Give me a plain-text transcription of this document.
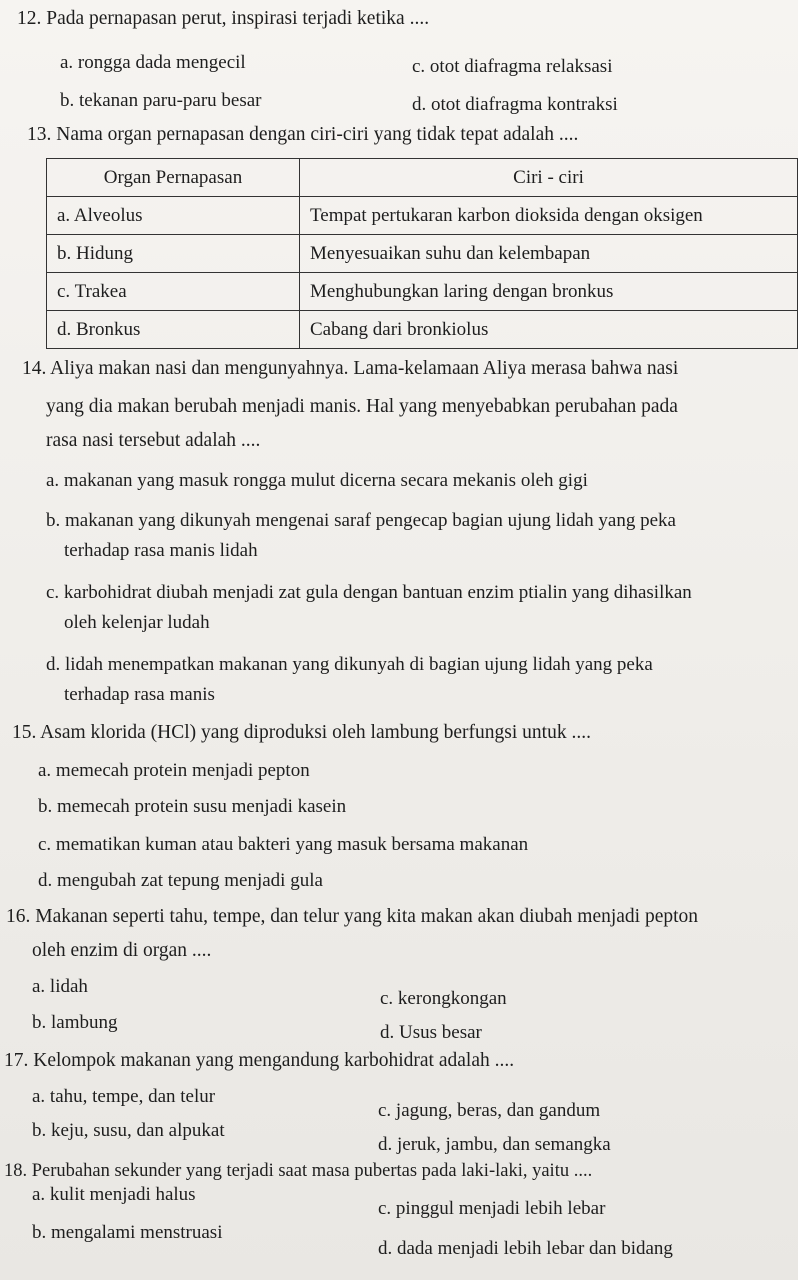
12. Pada pernapasan perut, inspirasi terjadi ketika ....
a. rongga dada mengecil	c. otot diafragma relaksasi
b. tekanan paru-paru besar	d. otot diafragma kontraksi
13. Nama organ pernapasan dengan ciri-ciri yang tidak tepat adalah ....
Organ Pernapasan	Ciri - ciri
a. Alveolus	Tempat pertukaran karbon dioksida dengan oksigen
b. Hidung	Menyesuaikan suhu dan kelembapan
c. Trakea	Menghubungkan laring dengan bronkus
d. Bronkus	Cabang dari bronkiolus
14. Aliya makan nasi dan mengunyahnya. Lama-kelamaan Aliya merasa bahwa nasi
yang dia makan berubah menjadi manis. Hal yang menyebabkan perubahan pada
rasa nasi tersebut adalah ....
a. makanan yang masuk rongga mulut dicerna secara mekanis oleh gigi
b. makanan yang dikunyah mengenai saraf pengecap bagian ujung lidah yang peka
terhadap rasa manis lidah
c. karbohidrat diubah menjadi zat gula dengan bantuan enzim ptialin yang dihasilkan
oleh kelenjar ludah
d. lidah menempatkan makanan yang dikunyah di bagian ujung lidah yang peka
terhadap rasa manis
15. Asam klorida (HCl) yang diproduksi oleh lambung berfungsi untuk ....
a. memecah protein menjadi pepton
b. memecah protein susu menjadi kasein
c. mematikan kuman atau bakteri yang masuk bersama makanan
d. mengubah zat tepung menjadi gula
16. Makanan seperti tahu, tempe, dan telur yang kita makan akan diubah menjadi pepton
oleh enzim di organ ....
a. lidah
c. kerongkongan
b. lambung	d. Usus besar
17. Kelompok makanan yang mengandung karbohidrat adalah ....
a. tahu, tempe, dan telur
c. jagung, beras, dan gandum
b. keju, susu, dan alpukat
d. jeruk, jambu, dan semangka
18. Perubahan sekunder yang terjadi saat masa pubertas pada laki-laki, yaitu ....
a. kulit menjadi halus
c. pinggul menjadi lebih lebar
b. mengalami menstruasi
d. dada menjadi lebih lebar dan bidang
